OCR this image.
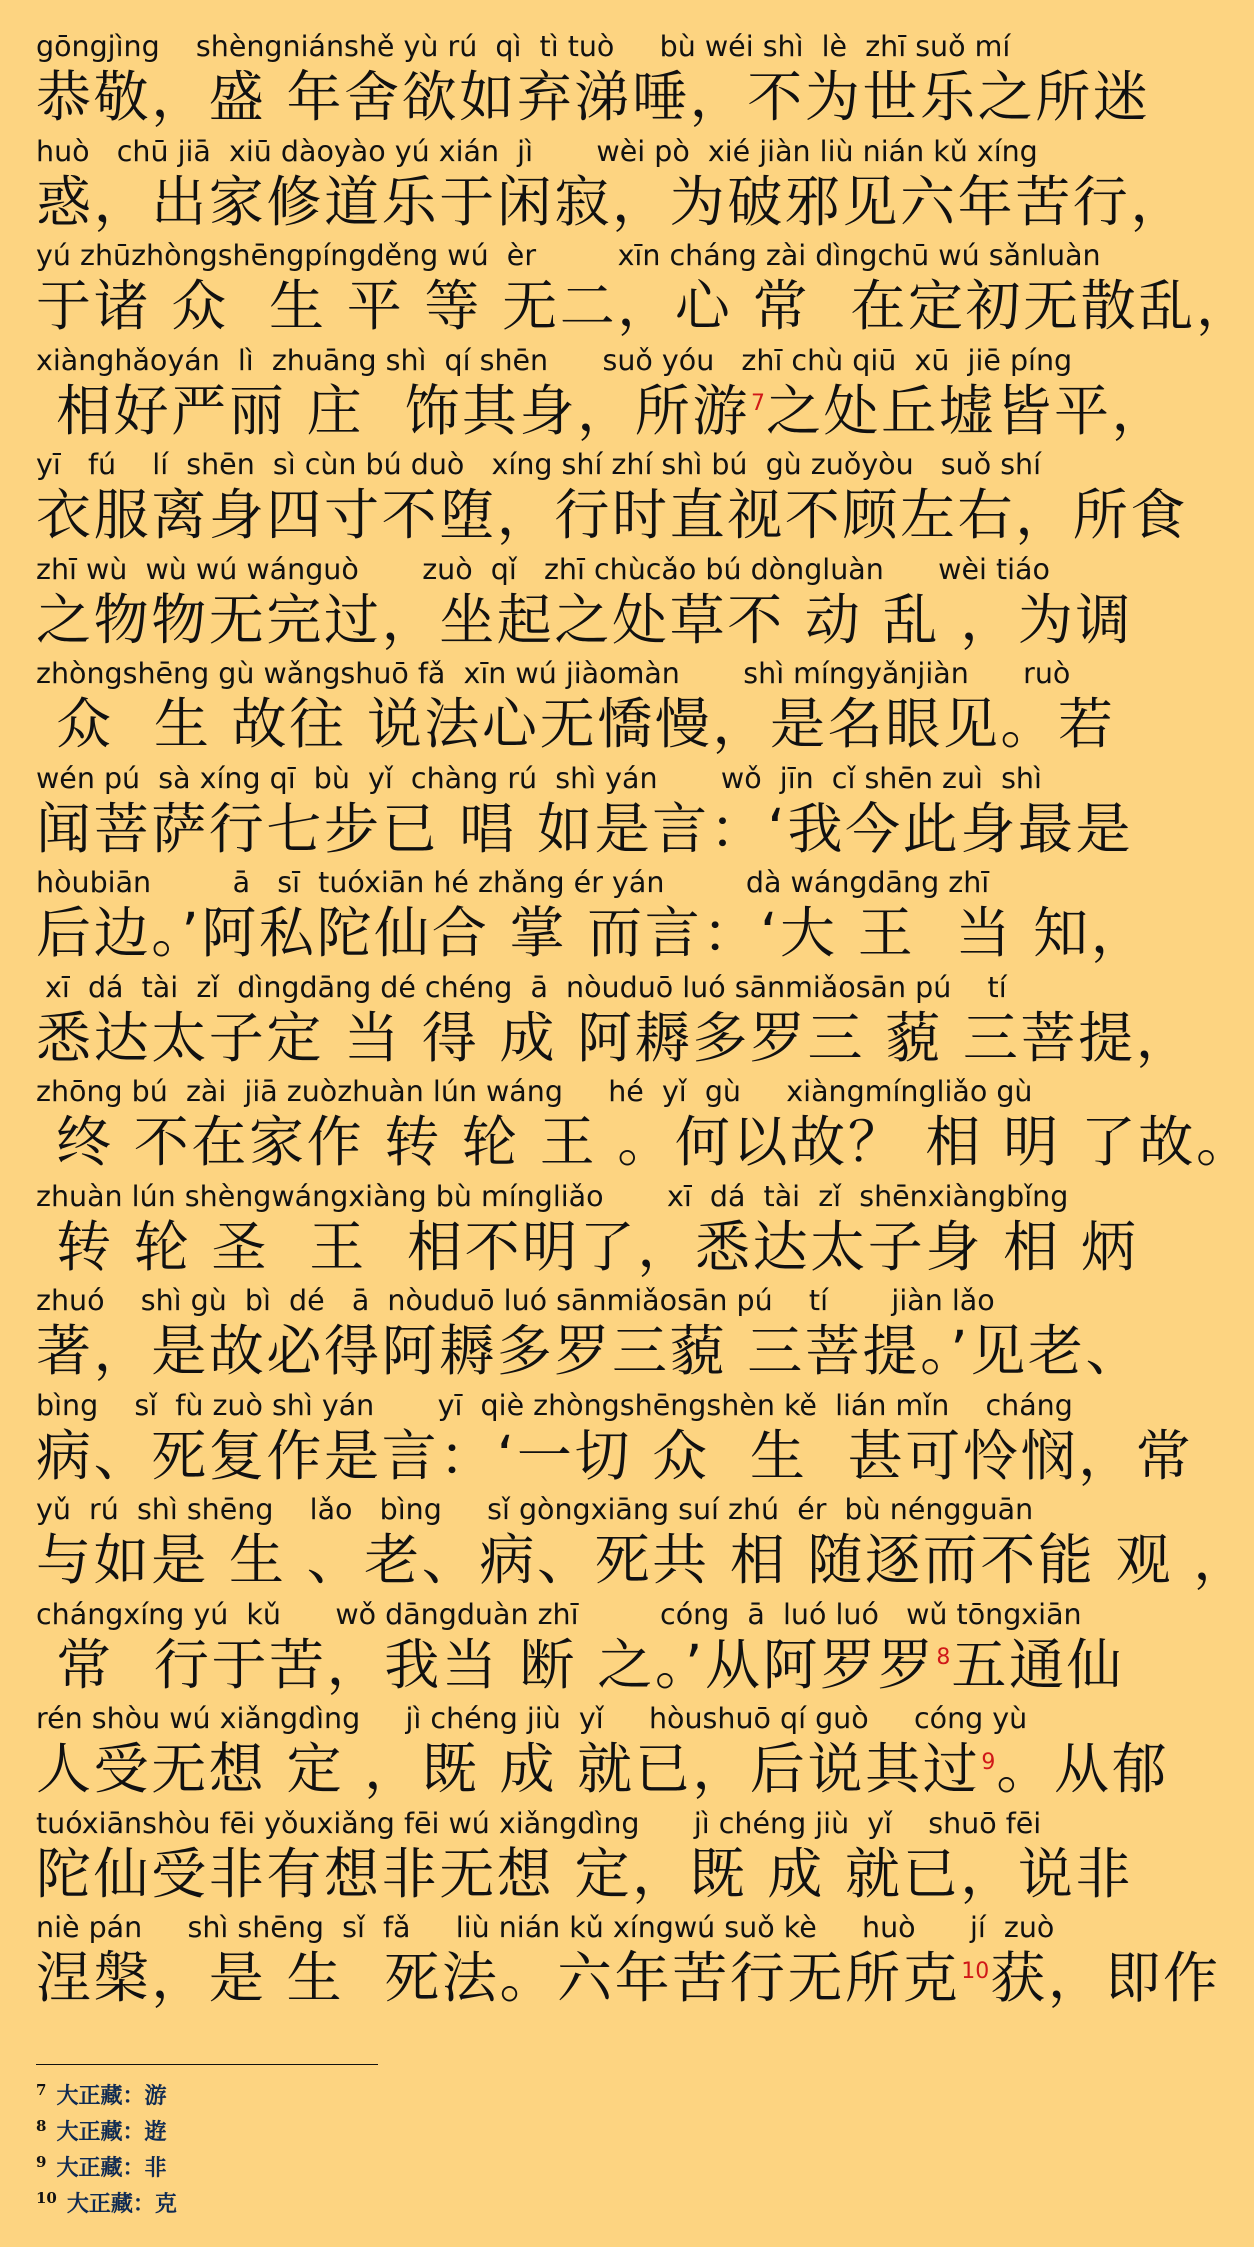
gōngjìng    shèngniánshě yù rú  qì  tì tuò     bù wéi shì  lè  zhī suǒ mí
恭敬，盛 年舍欲如弃涕唾，不为世乐之所迷
huò   chū jiā  xiū dàoyào yú xián  jì       wèi pò  xié jiàn liù nián kǔ xíng
惑，出家修道乐于闲寂，为破邪见六年苦行，
yú zhūzhòngshēngpíngděng wú  èr         xīn cháng zài dìngchū wú sǎnluàn
于诸 众  生 平 等 无二，心 常  在定初无散乱，
xiànghǎoyán  lì  zhuāng shì  qí shēn      suǒ yóu   zhī chù qiū  xū  jiē píng
相好严丽 庄  饰其身，所游$^7$之处丘墟皆平，
yī   fú    lí  shēn  sì cùn bú duò   xíng shí zhí shì bú  gù zuǒyòu   suǒ shí
衣服离身四寸不堕，行时直视不顾左右，所食
zhī wù  wù wú wánguò       zuò  qǐ   zhī chùcǎo bú dòngluàn      wèi tiáo
之物物无完过，坐起之处草不 动 乱 ，为调
zhòngshēng gù wǎngshuō fǎ  xīn wú jiàomàn       shì míngyǎnjiàn      ruò
众  生 故往 说法心无憍慢，是名眼见。若
wén pú  sà xíng qī  bù  yǐ  chàng rú  shì yán       wǒ  jīn  cǐ shēn zuì  shì
闻菩萨行七步已 唱 如是言：‘我今此身最是
hòubiān         ā   sī  tuóxiān hé zhǎng ér yán         dà wángdāng zhī
后边。’阿私陀仙合 掌 而言：‘大 王  当 知，
xī  dá  tài  zǐ  dìngdāng dé chéng  ā  nòuduō luó sānmiǎosān pú    tí
悉达太子定 当 得 成 阿耨多罗三 藐 三菩提，
zhōng bú  zài  jiā zuòzhuàn lún wáng     hé  yǐ  gù     xiàngmíngliǎo gù
终 不在家作 转 轮 王 。何以故？ 相 明 了故。
zhuàn lún shèngwángxiàng bù míngliǎo       xī  dá  tài  zǐ  shēnxiàngbǐng
转 轮 圣  王  相不明了，悉达太子身 相 炳
zhuó    shì gù  bì  dé   ā  nòuduō luó sānmiǎosān pú    tí       jiàn lǎo
著，是故必得阿耨多罗三藐 三菩提。’见老、
bìng    sǐ  fù zuò shì yán       yī  qiè zhòngshēngshèn kě  lián mǐn    cháng
病、死复作是言：‘一切 众  生  甚可怜悯，常
yǔ  rú  shì shēng    lǎo   bìng     sǐ gòngxiāng suí zhú  ér  bù néngguān
与如是 生 、老、病、死共 相 随逐而不能 观 ，
chángxíng yú  kǔ      wǒ dāngduàn zhī         cóng  ā  luó luó   wǔ tōngxiān
常  行于苦，我当 断 之。’从阿罗罗$^8$五通仙
rén shòu wú xiǎngdìng     jì chéng jiù  yǐ     hòushuō qí guò     cóng yù
人受无想 定 ，既 成 就已，后说其过$^9$。从郁
tuóxiānshòu fēi yǒuxiǎng fēi wú xiǎngdìng      jì chéng jiù  yǐ    shuō fēi
陀仙受非有想非无想 定，既 成 就已，说非
niè pán     shì shēng  sǐ  fǎ     liù nián kǔ xíngwú suǒ kè     huò      jí  zuò
涅槃，是 生  死法。六年苦行无所克$^{10}$获，即作
$^7$ 大正藏：游
$^8$ 大正藏：逰
$^9$ 大正藏：非
$^{10}$ 大正藏：克
